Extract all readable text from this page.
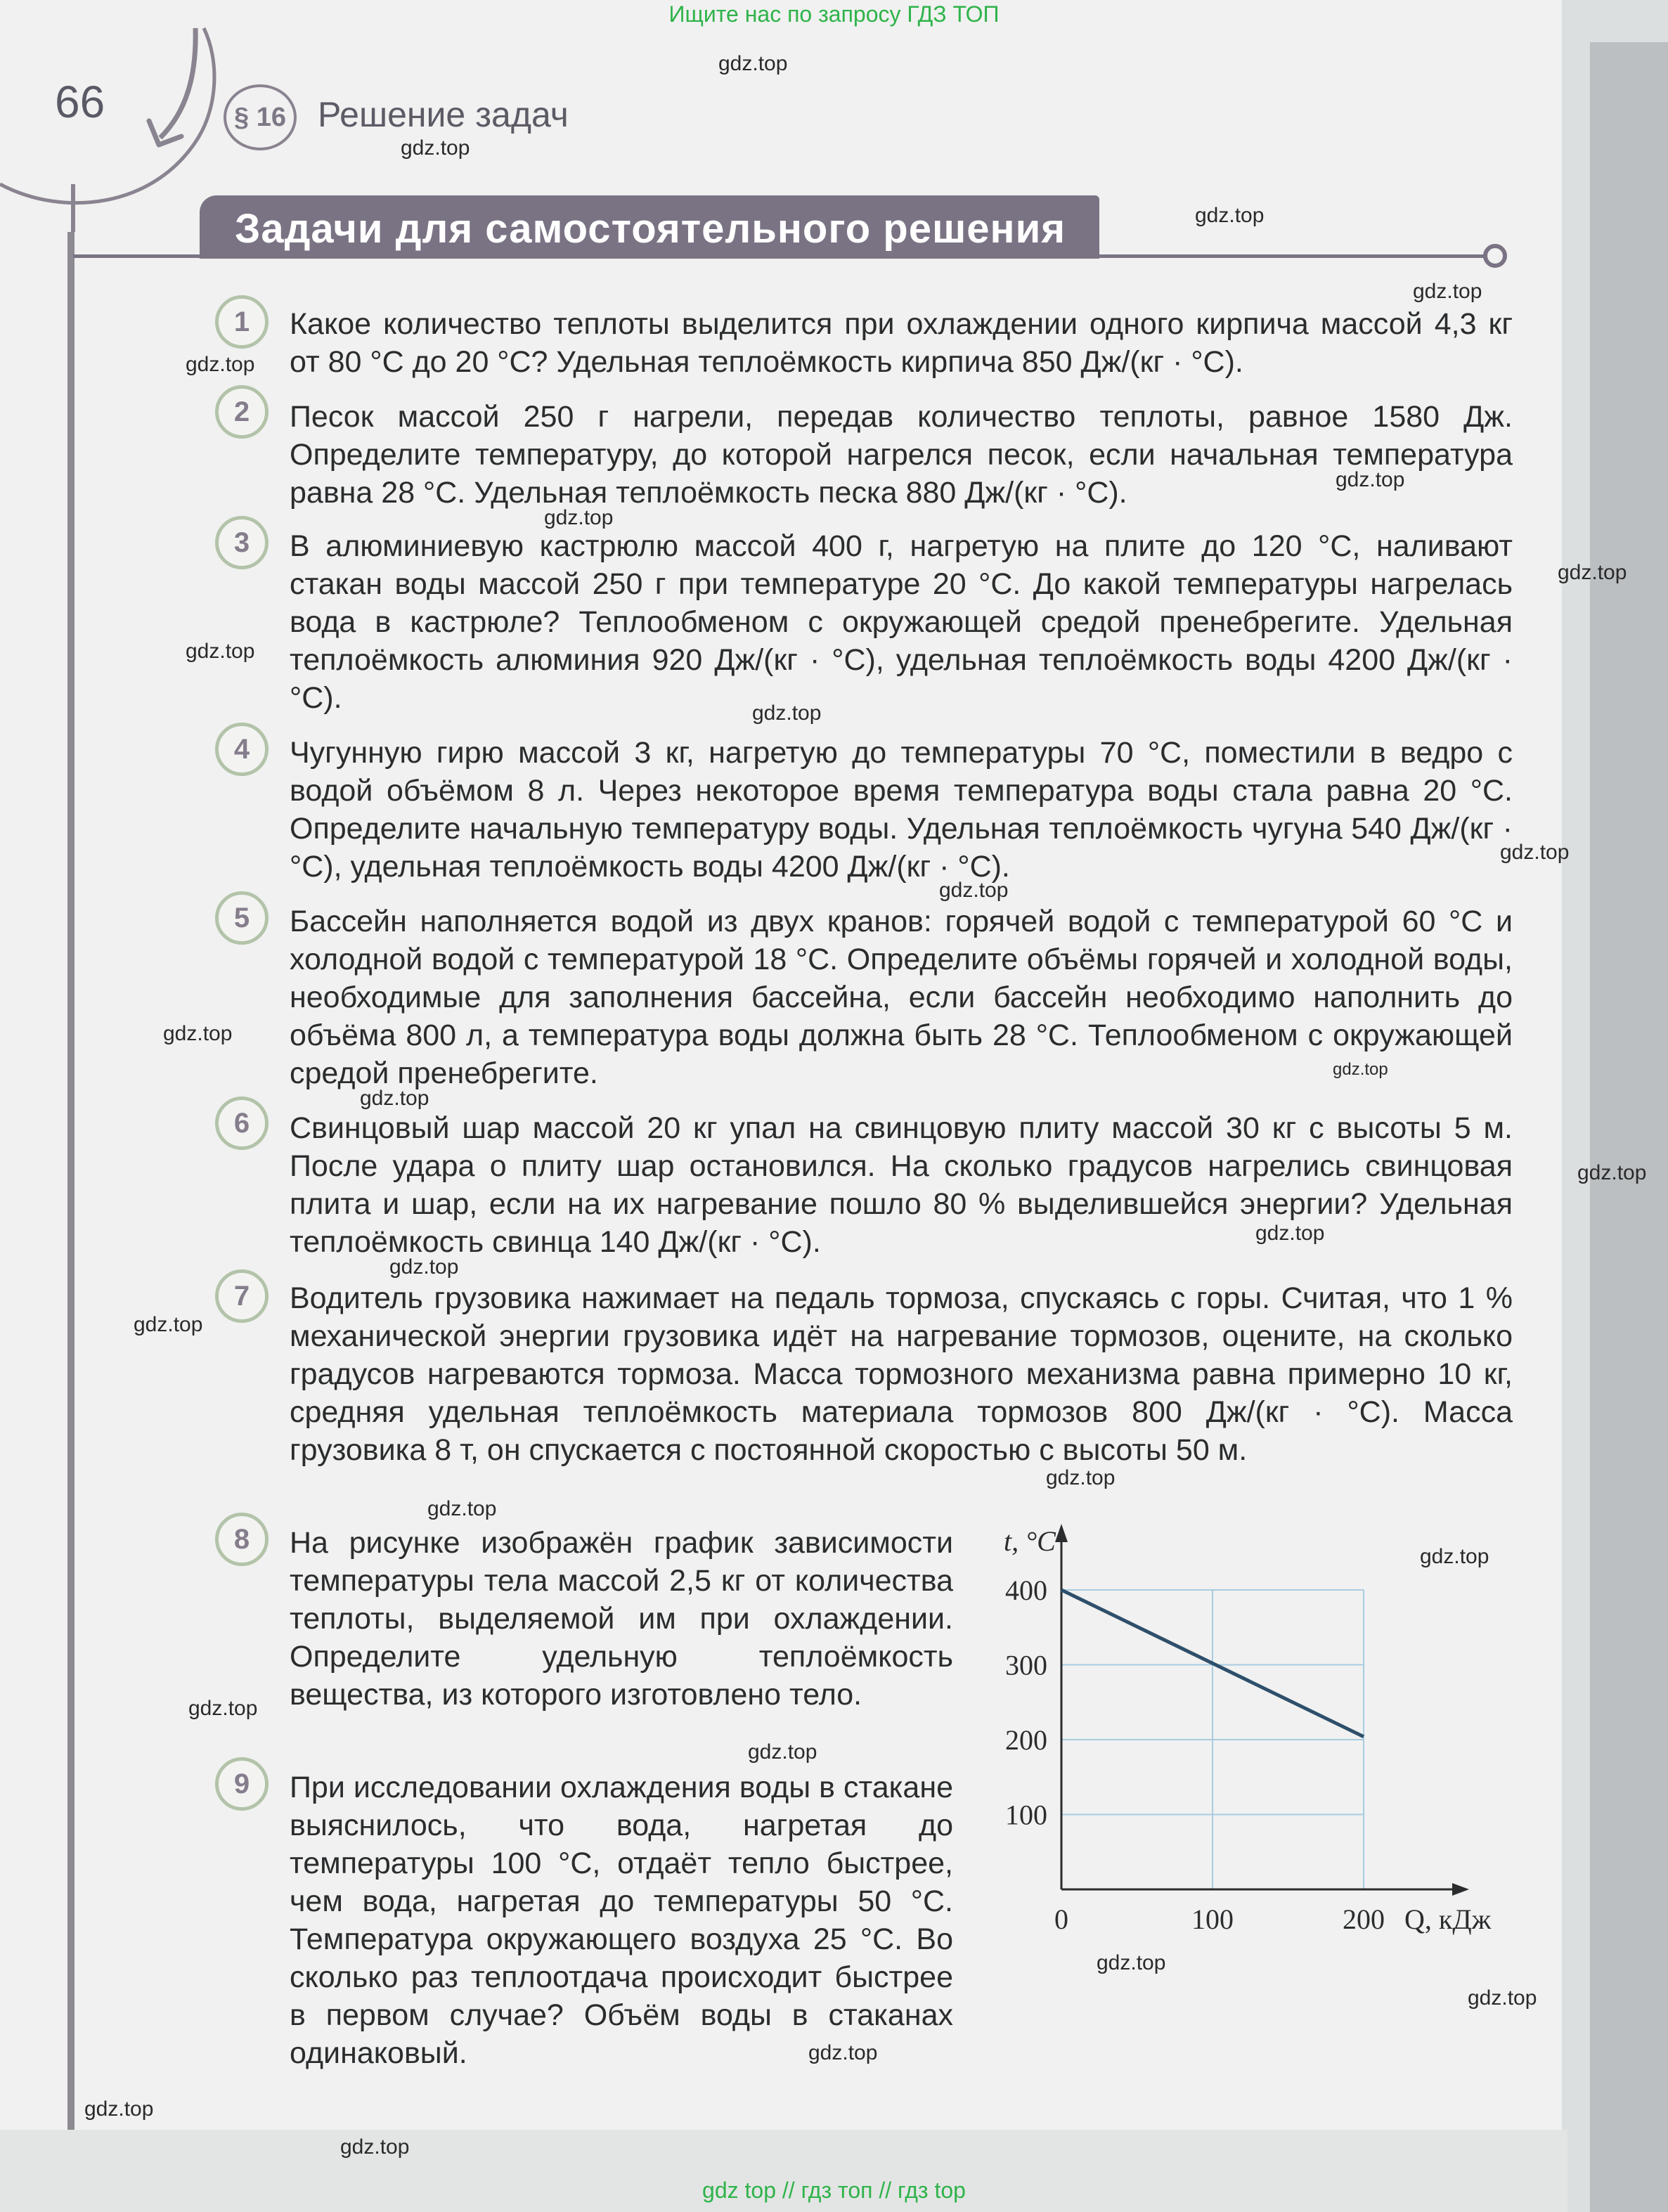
Ищите нас по запросу ГДЗ ТОП
66	§ 16 Решение задач
Задачи для самостоятельного решения
1	Какое количество теплоты выделится при охлаждении одного кирпича массой 4,3 кг от 80 °С до 20 °С? Удельная теплоёмкость кирпича 850 Дж/(кг · °С).
2	Песок массой 250 г нагрели, передав количество теплоты, равное 1580 Дж. Определите температуру, до которой нагрелся песок, если начальная температура равна 28 °С. Удельная теплоёмкость песка 880 Дж/(кг · °С).
3	В алюминиевую кастрюлю массой 400 г, нагретую на плите до 120 °С, наливают стакан воды массой 250 г при температуре 20 °С. До какой температуры нагрелась вода в кастрюле? Теплообменом с окружающей средой пренебрегите. Удельная теплоёмкость алюминия 920 Дж/(кг · °С), удельная теплоёмкость воды 4200 Дж/(кг · °С).
4	Чугунную гирю массой 3 кг, нагретую до температуры 70 °С, поместили в ведро с водой объёмом 8 л. Через некоторое время температура воды стала равна 20 °С. Определите начальную температуру воды. Удельная теплоёмкость чугуна 540 Дж/(кг · °С), удельная теплоёмкость воды 4200 Дж/(кг · °С).
5	Бассейн наполняется водой из двух кранов: горячей водой с температурой 60 °С и холодной водой с температурой 18 °С. Определите объёмы горячей и холодной воды, необходимые для заполнения бассейна, если бассейн необходимо наполнить до объёма 800 л, а температура воды должна быть 28 °С. Теплообменом с окружающей средой пренебрегите.
6	Свинцовый шар массой 20 кг упал на свинцовую плиту массой 30 кг с высоты 5 м. После удара о плиту шар остановился. На сколько градусов нагрелись свинцовая плита и шар, если на их нагревание пошло 80 % выделившейся энергии? Удельная теплоёмкость свинца 140 Дж/(кг · °С).
7	Водитель грузовика нажимает на педаль тормоза, спускаясь с горы. Считая, что 1 % механической энергии грузовика идёт на нагревание тормозов, оцените, на сколько градусов нагреваются тормоза. Масса тормозного механизма равна примерно 10 кг, средняя удельная теплоёмкость материала тормозов 800 Дж/(кг · °С). Масса грузовика 8 т, он спускается с постоянной скоростью с высоты 50 м.
8	На рисунке изображён график зависимости температуры тела массой 2,5 кг от количества теплоты, выделяемой им при охлаждении. Определите удельную теплоёмкость вещества, из которого изготовлено тело.
9	При исследовании охлаждения воды в стакане выяснилось, что вода, нагретая до температуры 100 °С, отдаёт тепло быстрее, чем вода, нагретая до температуры 50 °С. Температура окружающего воздуха 25 °С. Во сколько раз теплоотдача происходит быстрее в первом случае? Объём воды в стаканах одинаковый.
100
200
300
400
0	100	200 Q, кДж
t, °С
gdz.top
gdz.top
gdz.top
gdz.top
gdz.top
gdz.top
gdz.top
gdz.top
gdz.top
gdz.top
gdz.top
gdz.top
gdz.top
gdz.top
gdz.top
gdz.top
gdz.top
gdz.top
gdz.top
gdz.top
gdz.top
gdz.top
gdz.top
gdz.top
gdz.top
gdz.top
gdz.top
gdz.top
gdz.top
gdz top // гдз топ // гдз top
